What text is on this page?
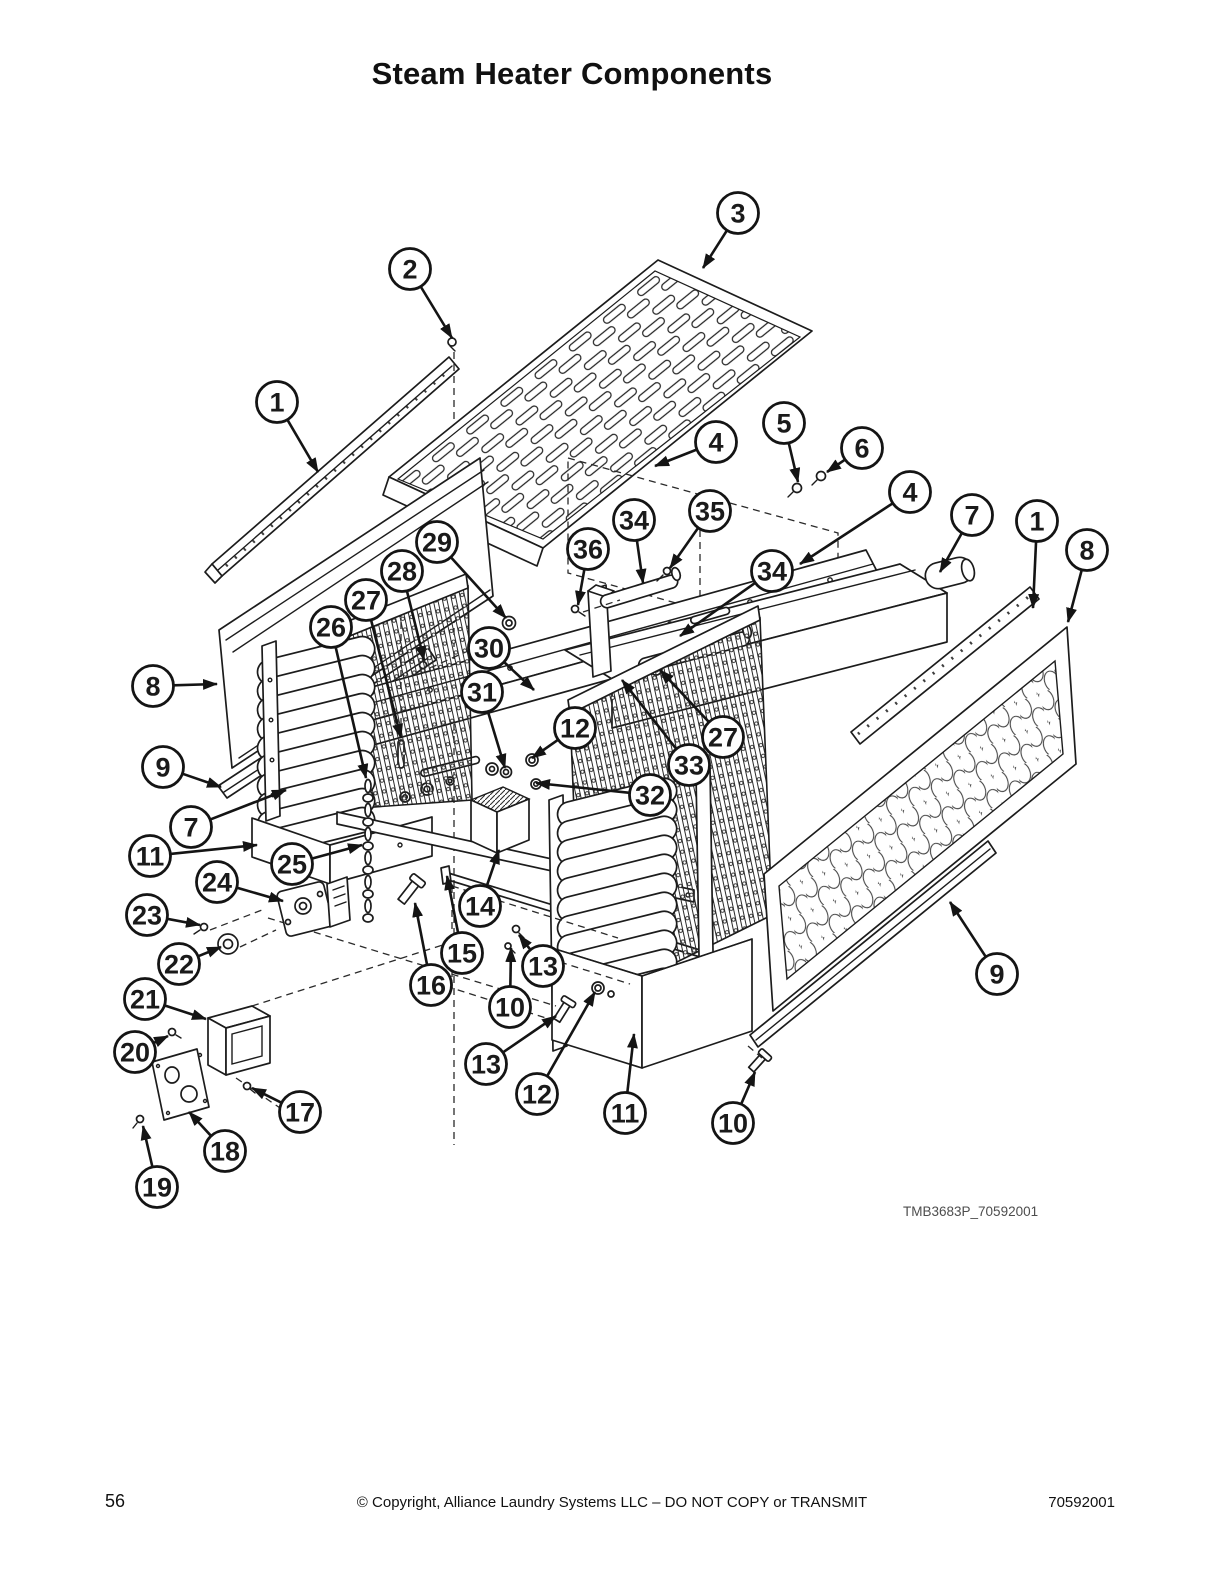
Steam Heater Components
TMB3683P_70592001
3
2
1
4
5
6
4
7 1
8
34 35
36
34
29
28
27
26
8
30
31
9
12	27
33
32
7
11	25
24
14
23
15
22
16
13
10
21
20	13
12
11	10
9
17
18
19
56	© Copyright, Alliance Laundry Systems LLC – DO NOT COPY or TRANSMIT	70592001
